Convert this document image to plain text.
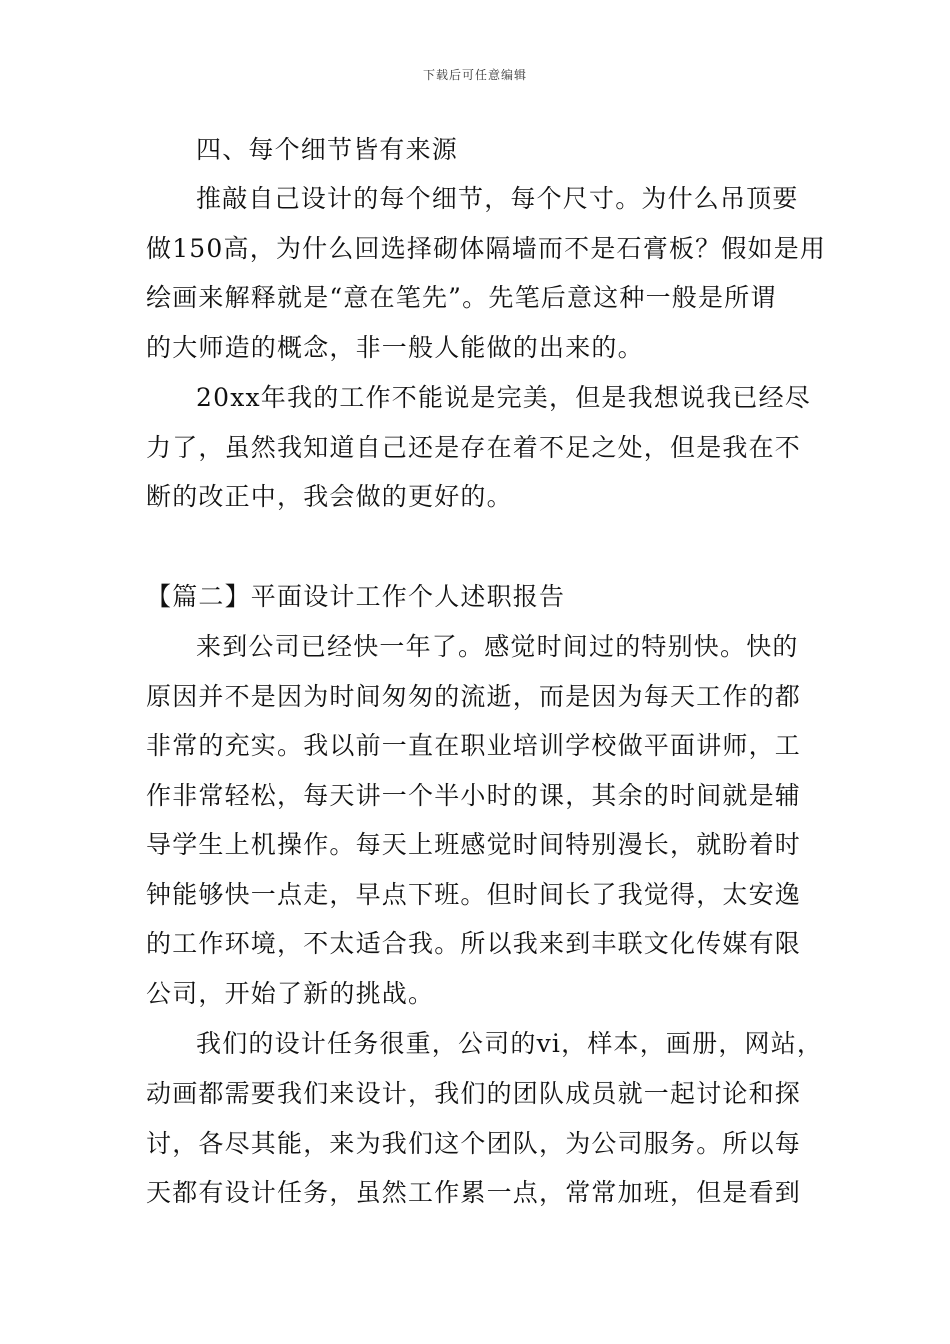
下载后可任意编辑
四、每个细节皆有来源
推敲自己设计的每个细节，每个尺寸。为什么吊顶要
做150高，为什么回选择砌体隔墙而不是石膏板？假如是用
绘画来解释就是“意在笔先”。先笔后意这种一般是所谓
的大师造的概念，非一般人能做的出来的。
20xx年我的工作不能说是完美，但是我想说我已经尽
力了，虽然我知道自己还是存在着不足之处，但是我在不
断的改正中，我会做的更好的。
【篇二】平面设计工作个人述职报告
来到公司已经快一年了。感觉时间过的特别快。快的
原因并不是因为时间匆匆的流逝，而是因为每天工作的都
非常的充实。我以前一直在职业培训学校做平面讲师，工
作非常轻松，每天讲一个半小时的课，其余的时间就是辅
导学生上机操作。每天上班感觉时间特别漫长，就盼着时
钟能够快一点走，早点下班。但时间长了我觉得，太安逸
的工作环境，不太适合我。所以我来到丰联文化传媒有限
公司，开始了新的挑战。
我们的设计任务很重，公司的vi，样本，画册，网站，
动画都需要我们来设计，我们的团队成员就一起讨论和探
讨，各尽其能，来为我们这个团队，为公司服务。所以每
天都有设计任务，虽然工作累一点，常常加班，但是看到
